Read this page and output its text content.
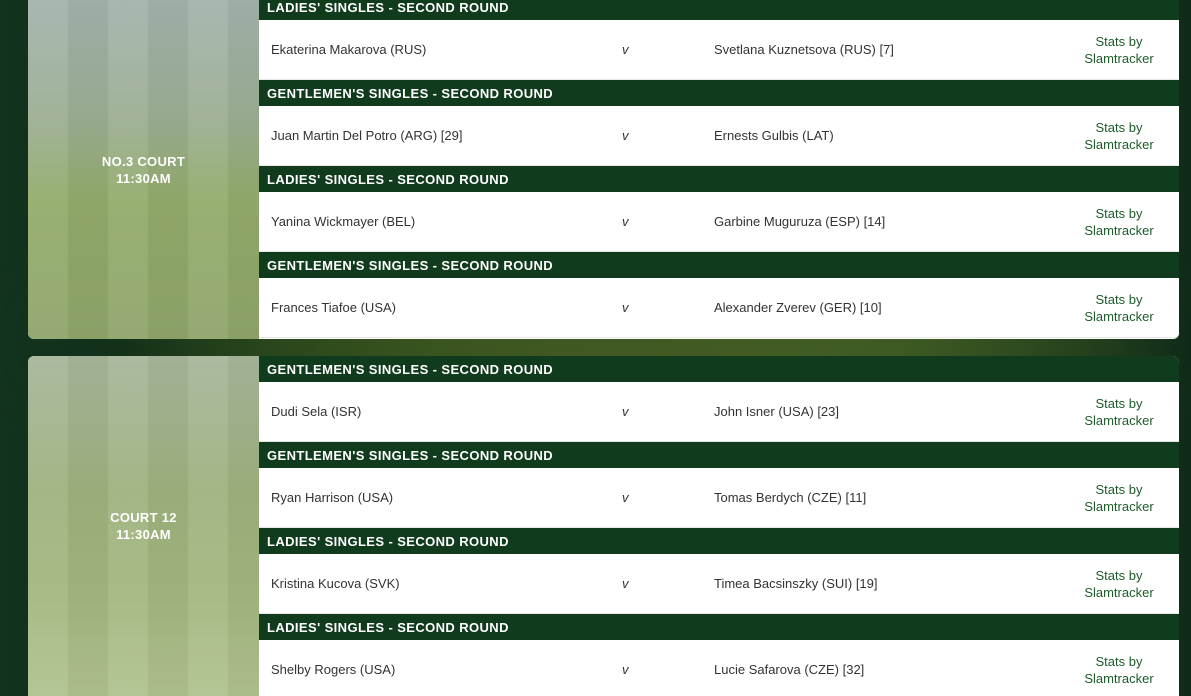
NO.3 COURT
11:30AM
LADIES' SINGLES - SECOND ROUND
Ekaterina Makarova (RUS)	v	Svetlana Kuznetsova (RUS) [7]
Stats by
Slamtracker
GENTLEMEN'S SINGLES - SECOND ROUND
Juan Martin Del Potro (ARG) [29]	v	Ernests Gulbis (LAT)
Stats by
Slamtracker
LADIES' SINGLES - SECOND ROUND
Yanina Wickmayer (BEL)	v	Garbine Muguruza (ESP) [14]
Stats by
Slamtracker
GENTLEMEN'S SINGLES - SECOND ROUND
Frances Tiafoe (USA)	v	Alexander Zverev (GER) [10]
Stats by
Slamtracker
COURT 12
11:30AM
GENTLEMEN'S SINGLES - SECOND ROUND
Dudi Sela (ISR)	v	John Isner (USA) [23]
Stats by
Slamtracker
GENTLEMEN'S SINGLES - SECOND ROUND
Ryan Harrison (USA)	v	Tomas Berdych (CZE) [11]
Stats by
Slamtracker
LADIES' SINGLES - SECOND ROUND
Kristina Kucova (SVK)	v	Timea Bacsinszky (SUI) [19]
Stats by
Slamtracker
LADIES' SINGLES - SECOND ROUND
Shelby Rogers (USA)	v	Lucie Safarova (CZE) [32]
Stats by
Slamtracker
